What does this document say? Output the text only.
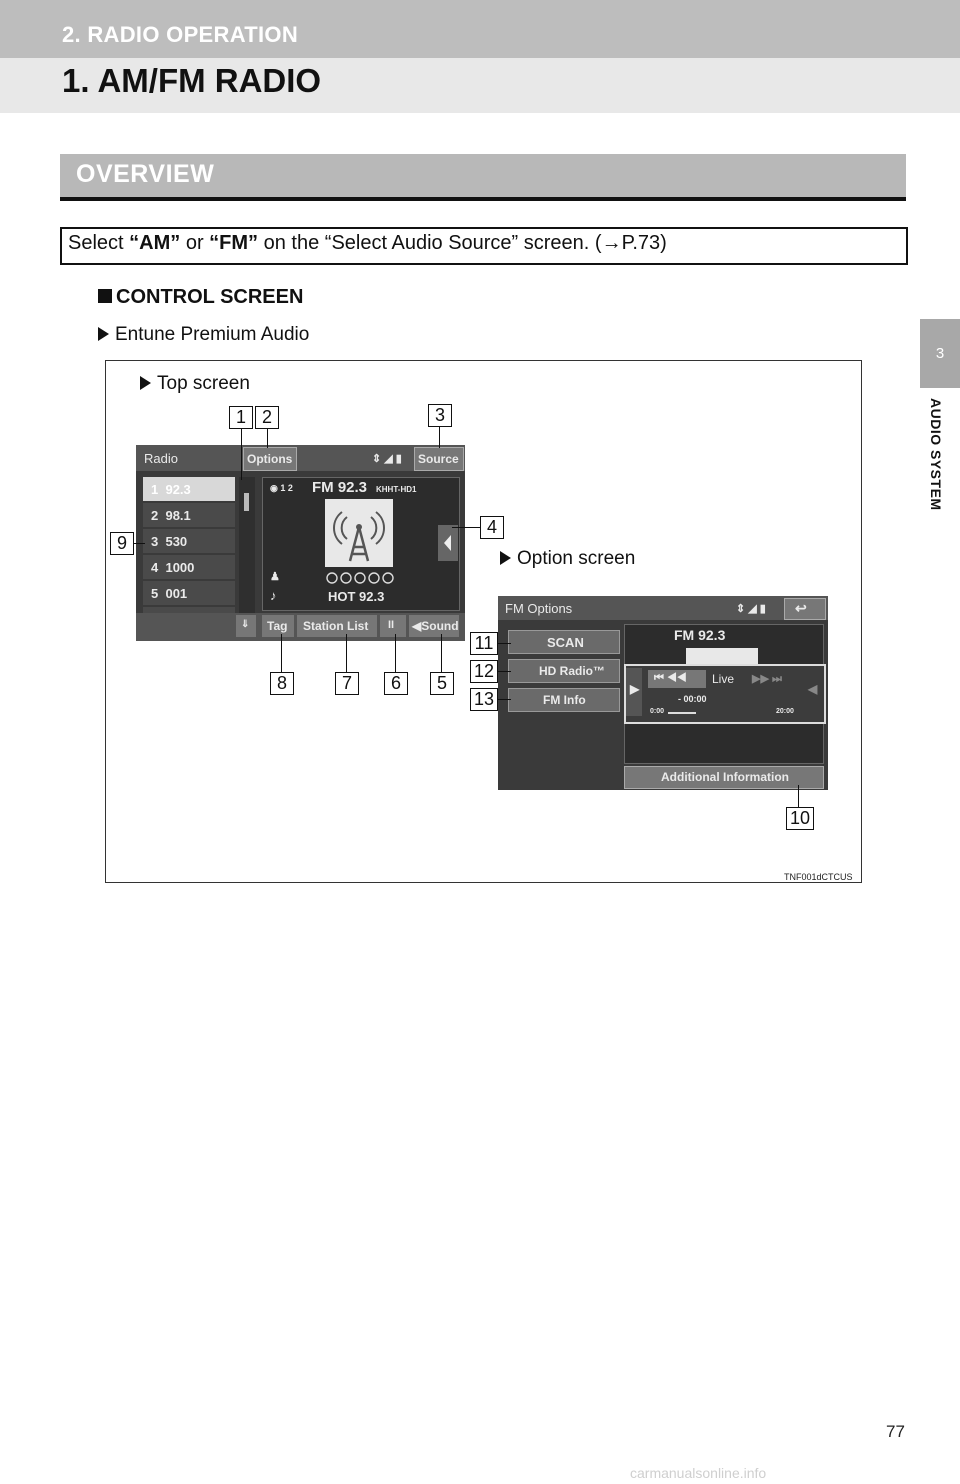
2. RADIO OPERATION
1. AM/FM RADIO
3
AUDIO SYSTEM
OVERVIEW
Select “AM” or “FM” on the “Select Audio Source” screen. (→P.73)
CONTROL SCREEN
Entune Premium Audio
Top screen
Option screen
TNF001dCTCUS
Radio	Options	⇕ ◢ ▮ Source
1 92.3
2 98.1
3 530
4 1000
5 001

◉ 1 2 FM 92.3 KHHT-HD1
♟
♪	HOT 92.3
⇓ Tag Station List II ◀Sound
FM Options	⇕ ◢ ▮ ↩
SCAN
HD Radio™
FM Info
FM 92.3
▶
⏮ ◀◀ Live ▶▶ ⏭
- 00:00
0:00	20:00
◀
Additional Information
1 2	3
4
5
6
7
8
9
10
11
12
13
77
carmanualsonline.info
